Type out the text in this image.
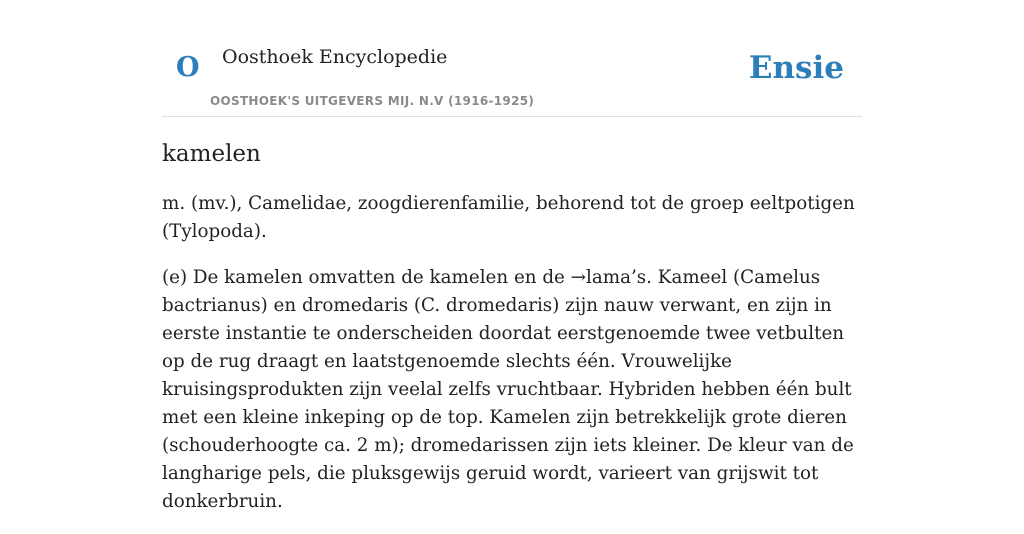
O Oosthoek Encyclopedie
OOSTHOEK'S UITGEVERS MIJ. N.V (1916-1925)
Ensie
kamelen

m. (mv.), Camelidae, zoogdierenfamilie, behorend tot de groep eeltpotigen (Tylopoda).

(e) De kamelen omvatten de kamelen en de →lama’s. Kameel (Camelus bactrianus) en dromedaris (C. dromedaris) zijn nauw verwant, en zijn in eerste instantie te onderscheiden doordat eerstgenoemde twee vetbulten op de rug draagt en laatstgenoemde slechts één. Vrouwelijke kruisingsprodukten zijn veelal zelfs vruchtbaar. Hybriden hebben één bult met een kleine inkeping op de top. Kamelen zijn betrekkelijk grote dieren (schouderhoogte ca. 2 m); dromedarissen zijn iets kleiner. De kleur van de langharige pels, die pluksgewijs geruid wordt, varieert van grijswit tot donkerbruin.
